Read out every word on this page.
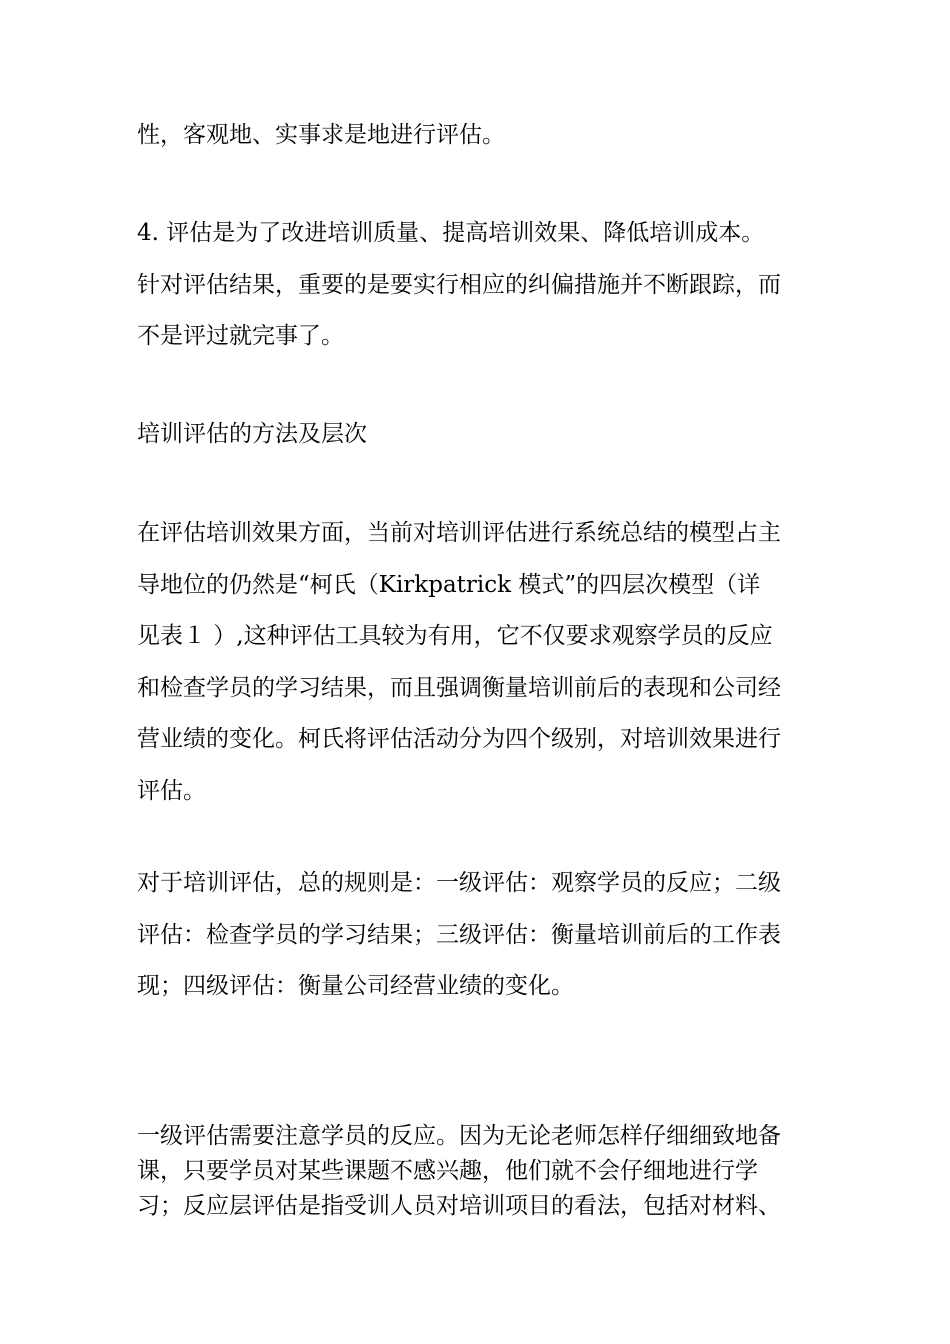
性，客观地、实事求是地进行评估。
4. 评估是为了改进培训质量、提高培训效果、降低培训成本。
针对评估结果，重要的是要实行相应的纠偏措施并不断跟踪，而
不是评过就完事了。
培训评估的方法及层次
在评估培训效果方面，当前对培训评估进行系统总结的模型占主
导地位的仍然是“柯氏（Kirkpatrick 模式”的四层次模型（详
见表１ ）,这种评估工具较为有用，它不仅要求观察学员的反应
和检查学员的学习结果，而且强调衡量培训前后的表现和公司经
营业绩的变化。柯氏将评估活动分为四个级别，对培训效果进行
评估。
对于培训评估，总的规则是：一级评估：观察学员的反应；二级
评估：检查学员的学习结果；三级评估：衡量培训前后的工作表
现；四级评估：衡量公司经营业绩的变化。
一级评估需要注意学员的反应。因为无论老师怎样仔细细致地备
课，只要学员对某些课题不感兴趣，他们就不会仔细地进行学
习；反应层评估是指受训人员对培训项目的看法，包括对材料、
